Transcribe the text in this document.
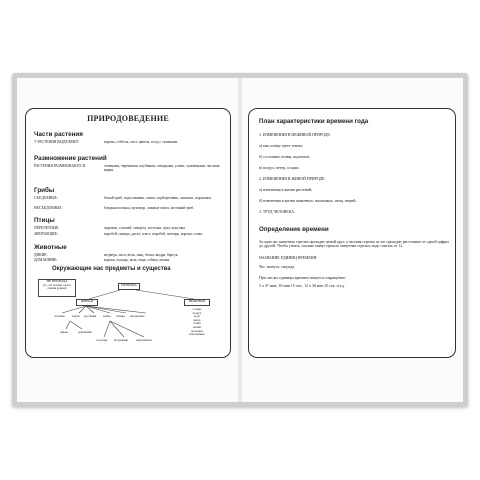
ПРИРОДОВЕДЕНИЕ
Части растения
У РАСТЕНИЯ ВЫДЕЛЯЮТ	корень, стебель, лист, цветок, плод с семенами.
Размножение растений
РАСТЕНИЯ РАЗМНОЖАЮТСЯ	семенами, черенками, клубнями, отводками, усами, луковицами, частями корня.
Грибы
СЪЕДОБНЫЕ:	белый гриб, подосиновик, опята, подберезовик, лисички, сыроежки.
НЕСЪЕДОБНЫЕ:	бледная поганка, мухомор, ложные опята, желчный гриб.
Птицы
ПЕРЕЛЕТНЫЕ:	журавль, соловей, скворец, ласточка, грач, кукушка.
ЗИМУЮЩИЕ:	воробей, синица, дятел, клест, воробей, снегирь, ворона, галка.
Животные
ДИКИЕ:	медведь, лиса, волк, заяц, белка, выдра, барсук.
ДОМАШНИЕ:	корова, лошадь, коза, овца, собака, кошка.
Окружающие нас предметы и существа
НЕ ПРИРОДА
(то, что человек сделал своими руками)
ПРИРОДА
ЖИВАЯ	НЕЖИВАЯ
человек звери растения рыбы птицы насекомые
дикие	домашние
оседлые кочующие перелетные
солнце
воздух
вода
ветер
почва
камни
полезные ископаемые
План характеристики времени года
1. ИЗМЕНЕНИЯ В НЕЖИВОЙ ПРИРОДЕ:
а) как солнце греет землю;
б) состояние почвы, водоемов;
в) воздух, ветер, осадки.
2. ИЗМЕНЕНИЯ В ЖИВОЙ ПРИРОДЕ:
а) изменения в жизни растений;
б) изменения в жизни животных: насекомых, птиц, зверей.
3. ТРУД ЧЕЛОВЕКА.
Определение времени
За один час минутная стрелка проходит целый круг, а часовая стрелка за час проходит расстояние от одной цифры до другой. Чтобы узнать, сколько минут прошло минутная стрелка, надо считать от 12.
НАЗВАНИЕ ЕДИНИЦ ВРЕМЕНИ
Час, минута, секунда.
При числах единицы времени пишутся сокращённо:
5 ч 47 мин; 10 мин 15 сек.; 12 ч 30 мин 10 сек. и т.д.
